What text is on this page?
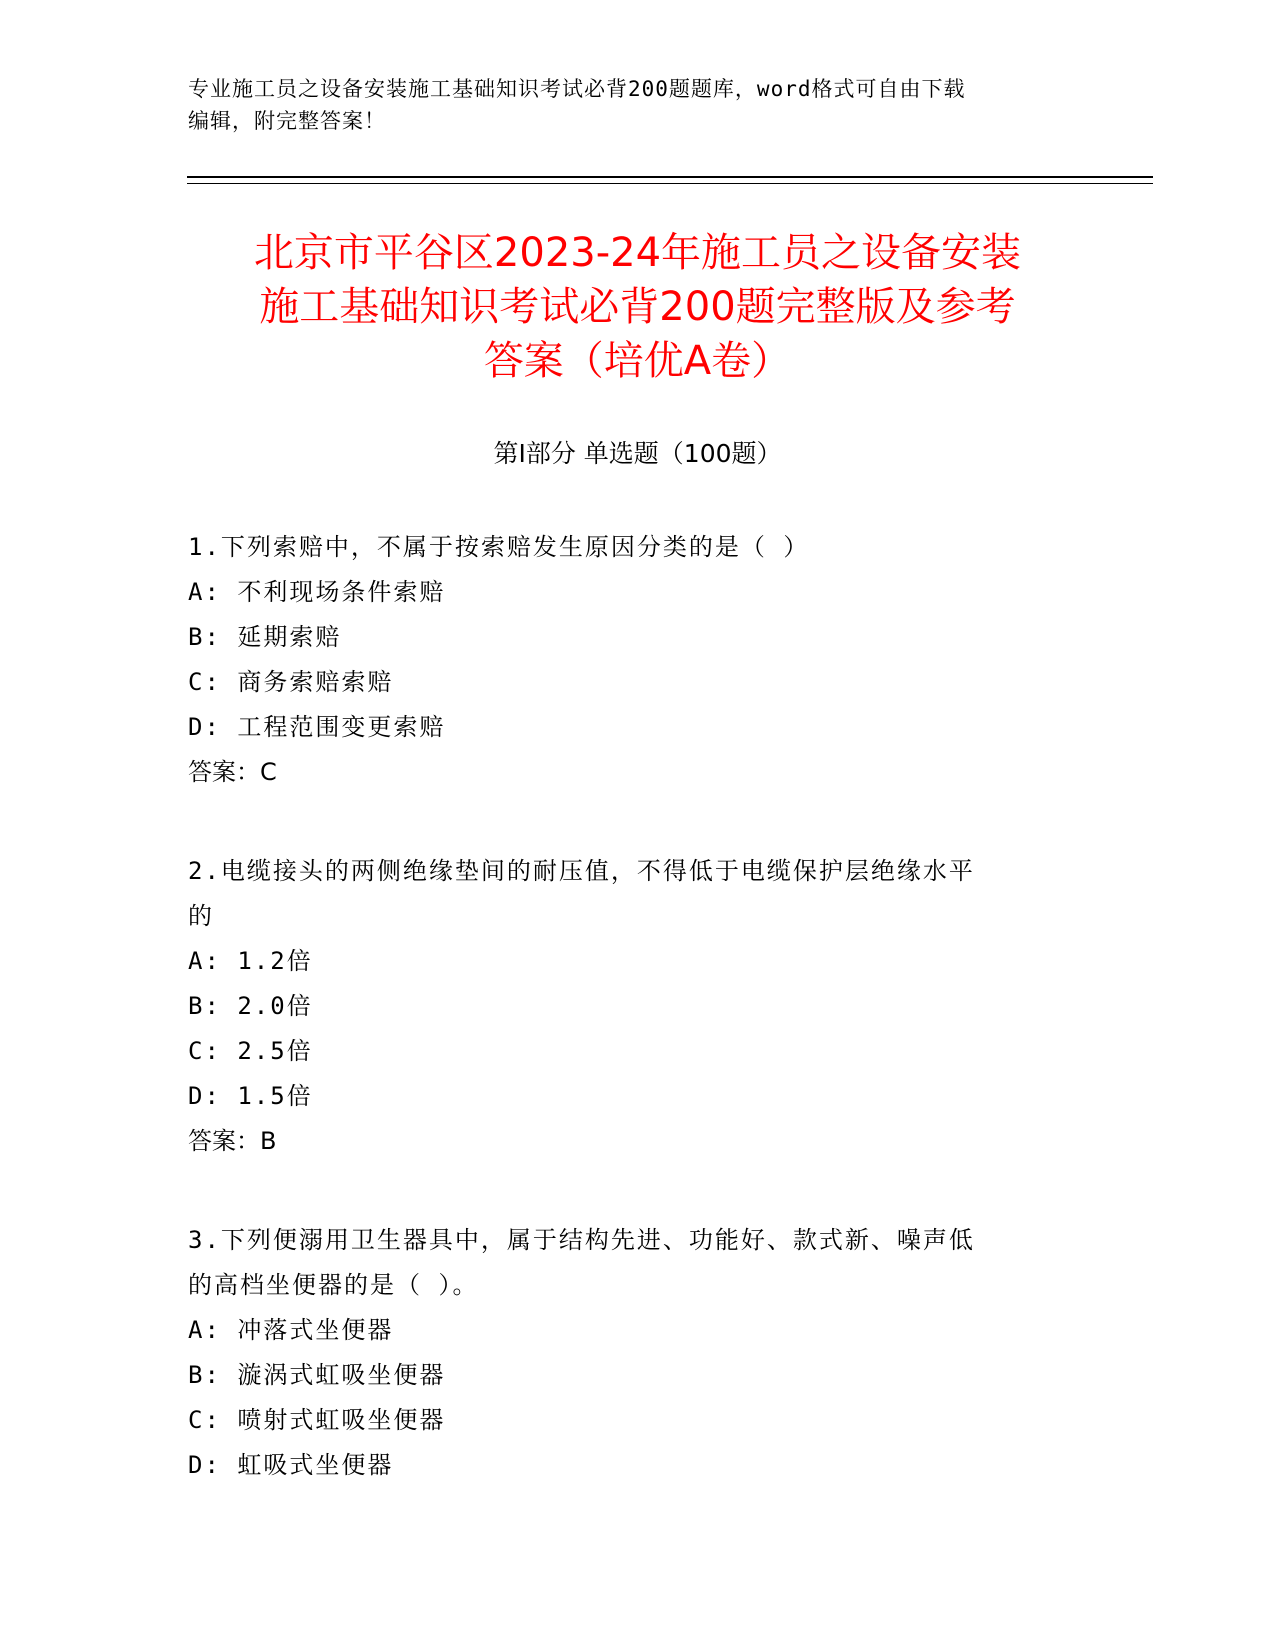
专业施工员之设备安装施工基础知识考试必背200题题库，word格式可自由下载
编辑，附完整答案！
北京市平谷区2023-24年施工员之设备安装
施工基础知识考试必背200题完整版及参考
答案（培优A卷）
第Ⅰ部分 单选题（100题）
1.下列索赔中，不属于按索赔发生原因分类的是（ ）
A: 不利现场条件索赔
B: 延期索赔
C: 商务索赔索赔
D: 工程范围变更索赔
答案：C
2.电缆接头的两侧绝缘垫间的耐压值，不得低于电缆保护层绝缘水平
的
A: 1.2倍
B: 2.0倍
C: 2.5倍
D: 1.5倍
答案：B
3.下列便溺用卫生器具中，属于结构先进、功能好、款式新、噪声低
的高档坐便器的是（ ）。
A: 冲落式坐便器
B: 漩涡式虹吸坐便器
C: 喷射式虹吸坐便器
D: 虹吸式坐便器
